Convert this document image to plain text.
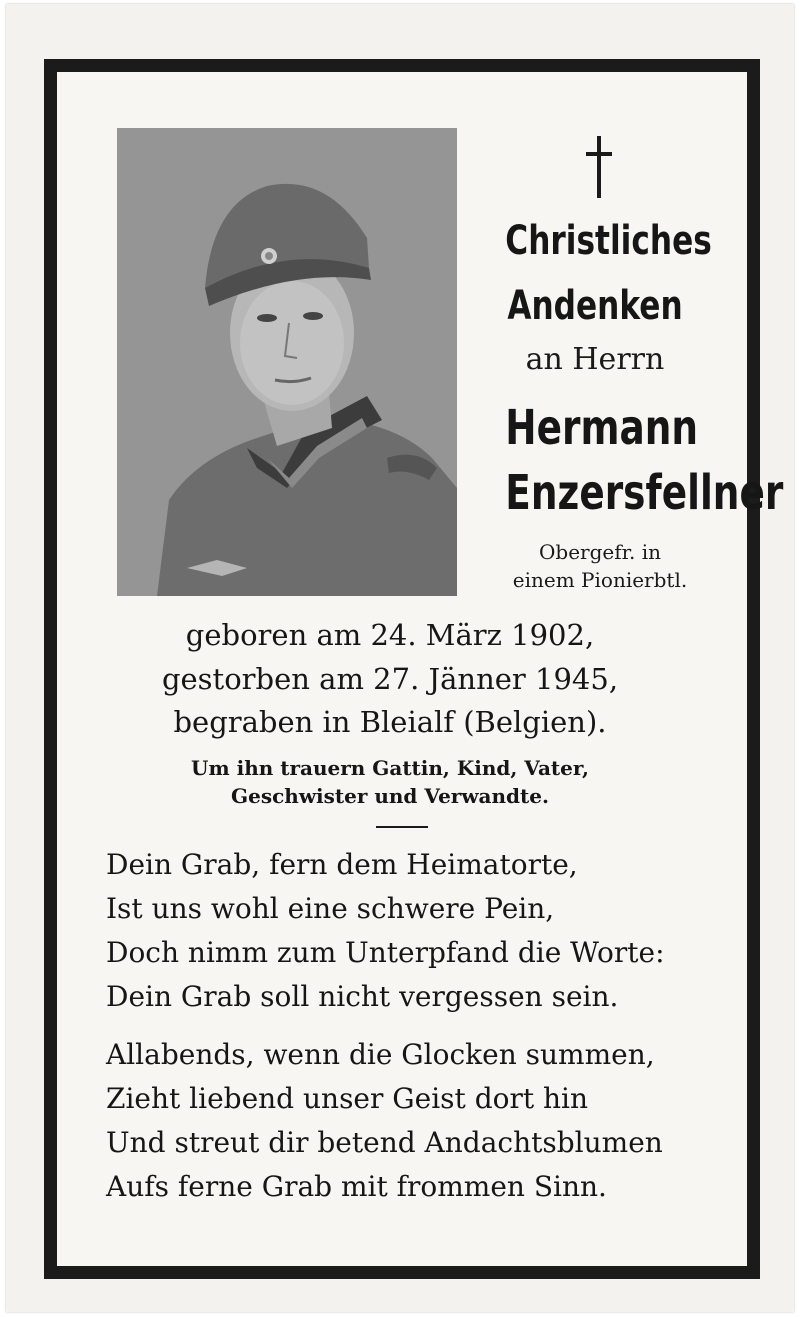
Christliches
Andenken
an Herrn
Hermann
Enzersfellner
Obergefr. in
einem Pionierbtl.
geboren am 24. März 1902,
gestorben am 27. Jänner 1945,
begraben in Bleialf (Belgien).
Um ihn trauern Gattin, Kind, Vater,
Geschwister und Verwandte.
Dein Grab, fern dem Heimatorte,
Ist uns wohl eine schwere Pein,
Doch nimm zum Unterpfand die Worte:
Dein Grab soll nicht vergessen sein.
Allabends, wenn die Glocken summen,
Zieht liebend unser Geist dort hin
Und streut dir betend Andachtsblumen
Aufs ferne Grab mit frommen Sinn.
